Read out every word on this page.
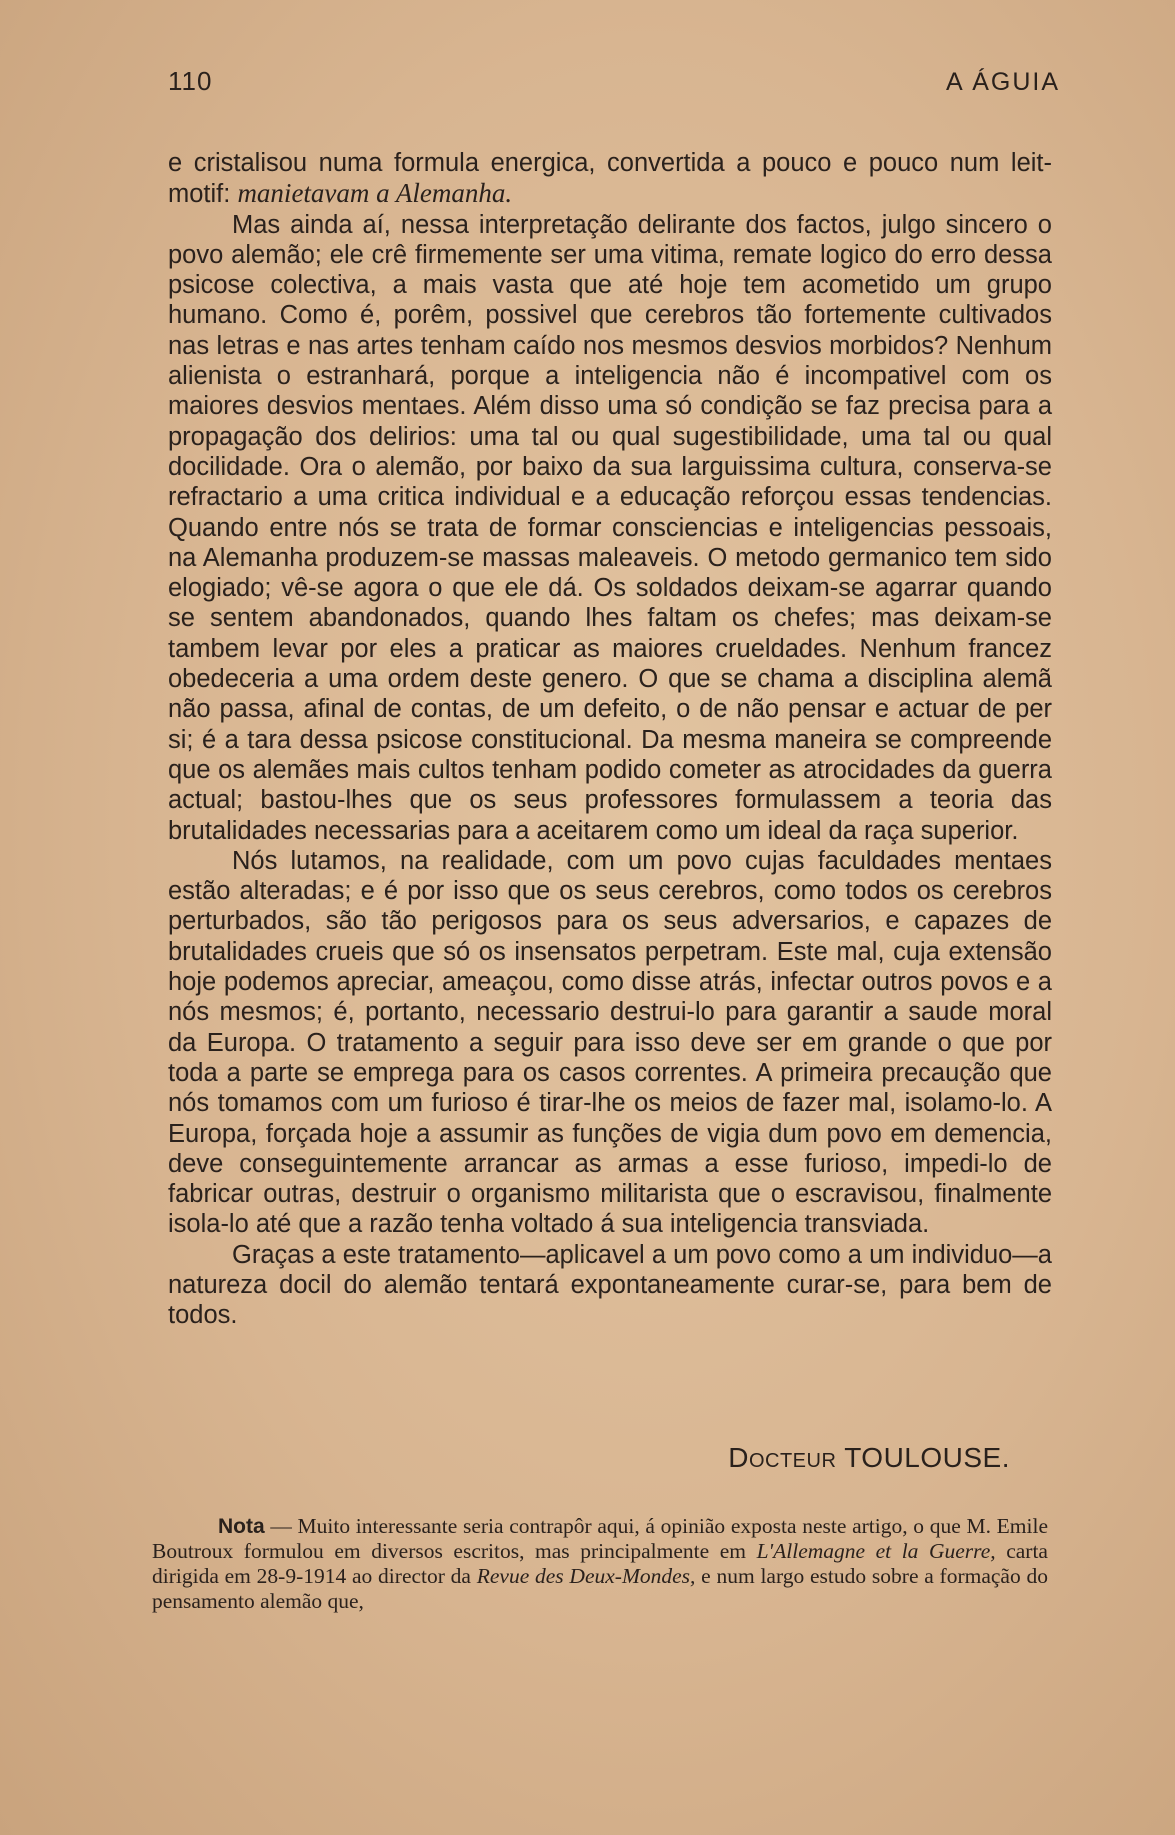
110	A ÁGUIA

e cristalisou numa formula energica, convertida a pouco e pouco num leit-motif: manietavam a Alemanha.

Mas ainda aí, nessa interpretação delirante dos factos, julgo sincero o povo alemão; ele crê firmemente ser uma vitima, remate logico do erro dessa psicose colectiva, a mais vasta que até hoje tem acometido um grupo humano. Como é, porêm, possivel que cerebros tão fortemente cultivados nas letras e nas artes tenham caído nos mesmos desvios morbidos? Nenhum alienista o estranhará, porque a inteligencia não é incompativel com os maiores desvios mentaes. Além disso uma só condição se faz precisa para a propagação dos delirios: uma tal ou qual sugestibilidade, uma tal ou qual docilidade. Ora o alemão, por baixo da sua larguissima cultura, conserva-se refractario a uma critica individual e a educação reforçou essas tendencias. Quando entre nós se trata de formar consciencias e inteligencias pessoais, na Alemanha produzem-se massas maleaveis. O metodo germanico tem sido elogiado; vê-se agora o que ele dá. Os soldados deixam-se agarrar quando se sentem abandonados, quando lhes faltam os chefes; mas deixam-se tambem levar por eles a praticar as maiores crueldades. Nenhum francez obedeceria a uma ordem deste genero. O que se chama a disciplina alemã não passa, afinal de contas, de um defeito, o de não pensar e actuar de per si; é a tara dessa psicose constitucional. Da mesma maneira se compreende que os alemães mais cultos tenham podido cometer as atrocidades da guerra actual; bastou-lhes que os seus professores formulassem a teoria das brutalidades necessarias para a aceitarem como um ideal da raça superior.

Nós lutamos, na realidade, com um povo cujas faculdades mentaes estão alteradas; e é por isso que os seus cerebros, como todos os cerebros perturbados, são tão perigosos para os seus adversarios, e capazes de brutalidades crueis que só os insensatos perpetram. Este mal, cuja extensão hoje podemos apreciar, ameaçou, como disse atrás, infectar outros povos e a nós mesmos; é, portanto, necessario destrui-lo para garantir a saude moral da Europa. O tratamento a seguir para isso deve ser em grande o que por toda a parte se emprega para os casos correntes. A primeira precaução que nós tomamos com um furioso é tirar-lhe os meios de fazer mal, isolamo-lo. A Europa, forçada hoje a assumir as funções de vigia dum povo em demencia, deve conseguintemente arrancar as armas a esse furioso, impedi-lo de fabricar outras, destruir o organismo militarista que o escravisou, finalmente isola-lo até que a razão tenha voltado á sua inteligencia transviada.

Graças a este tratamento—aplicavel a um povo como a um individuo—a natureza docil do alemão tentará expontaneamente curar-se, para bem de todos.

Docteur TOULOUSE.

Nota — Muito interessante seria contrapôr aqui, á opinião exposta neste artigo, o que M. Emile Boutroux formulou em diversos escritos, mas principalmente em L'Allemagne et la Guerre, carta dirigida em 28-9-1914 ao director da Revue des Deux-Mondes, e num largo estudo sobre a formação do pensamento alemão que,
